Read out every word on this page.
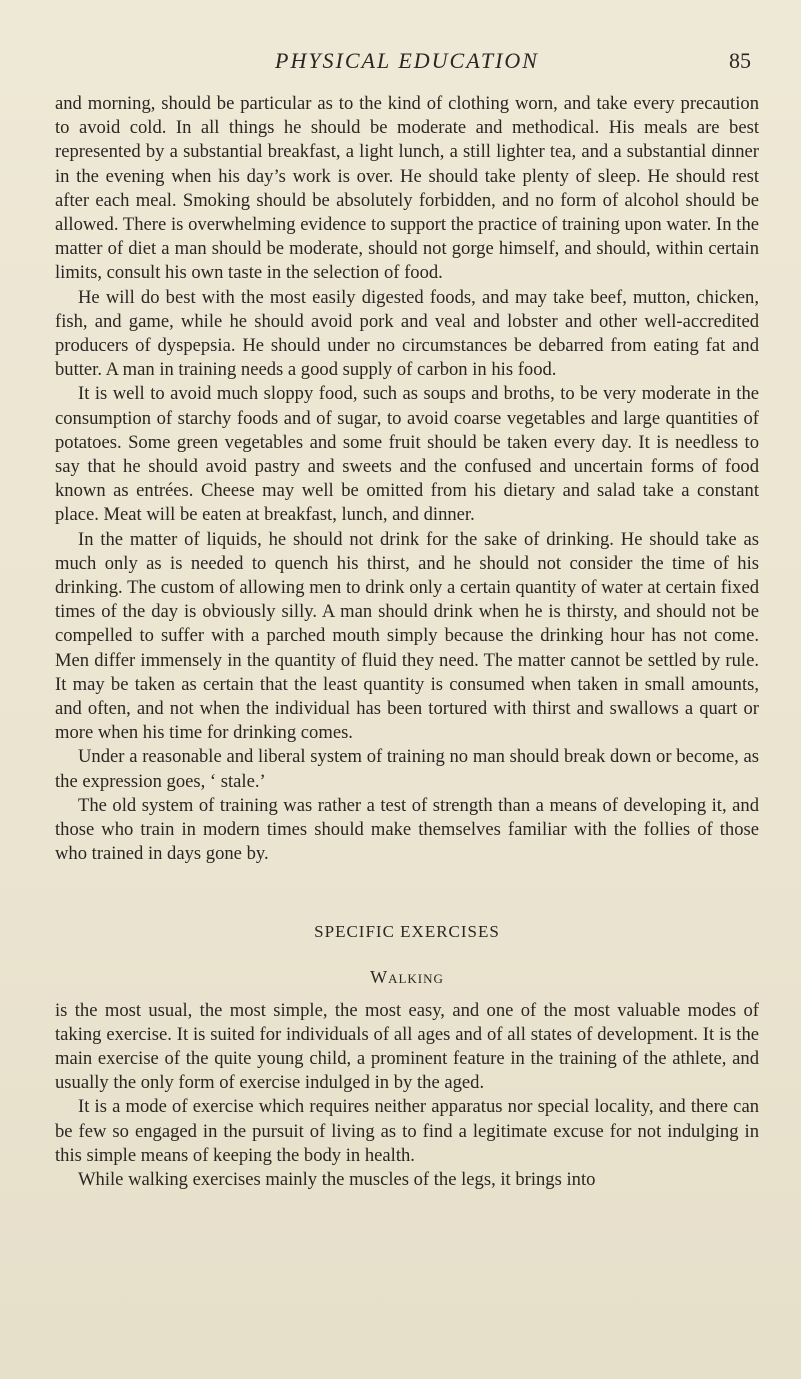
PHYSICAL EDUCATION	85

and morning, should be particular as to the kind of clothing worn, and take every precaution to avoid cold. In all things he should be moderate and methodical. His meals are best represented by a substantial breakfast, a light lunch, a still lighter tea, and a substantial dinner in the evening when his day’s work is over. He should take plenty of sleep. He should rest after each meal. Smoking should be absolutely forbidden, and no form of alcohol should be allowed. There is overwhelming evidence to support the practice of training upon water. In the matter of diet a man should be moderate, should not gorge himself, and should, within certain limits, consult his own taste in the selection of food.

He will do best with the most easily digested foods, and may take beef, mutton, chicken, fish, and game, while he should avoid pork and veal and lobster and other well-accredited producers of dyspepsia. He should under no circumstances be debarred from eating fat and butter. A man in training needs a good supply of carbon in his food.

It is well to avoid much sloppy food, such as soups and broths, to be very moderate in the consumption of starchy foods and of sugar, to avoid coarse vegetables and large quantities of potatoes. Some green vegetables and some fruit should be taken every day. It is needless to say that he should avoid pastry and sweets and the confused and uncertain forms of food known as entrées. Cheese may well be omitted from his dietary and salad take a constant place. Meat will be eaten at breakfast, lunch, and dinner.

In the matter of liquids, he should not drink for the sake of drinking. He should take as much only as is needed to quench his thirst, and he should not consider the time of his drinking. The custom of allowing men to drink only a certain quantity of water at certain fixed times of the day is obviously silly. A man should drink when he is thirsty, and should not be compelled to suffer with a parched mouth simply because the drinking hour has not come. Men differ immensely in the quantity of fluid they need. The matter cannot be settled by rule. It may be taken as certain that the least quantity is consumed when taken in small amounts, and often, and not when the individual has been tortured with thirst and swallows a quart or more when his time for drinking comes.

Under a reasonable and liberal system of training no man should break down or become, as the expression goes, ‘ stale.’

The old system of training was rather a test of strength than a means of developing it, and those who train in modern times should make themselves familiar with the follies of those who trained in days gone by.

SPECIFIC EXERCISES
Walking

is the most usual, the most simple, the most easy, and one of the most valuable modes of taking exercise. It is suited for individuals of all ages and of all states of development. It is the main exercise of the quite young child, a prominent feature in the training of the athlete, and usually the only form of exercise indulged in by the aged.

It is a mode of exercise which requires neither apparatus nor special locality, and there can be few so engaged in the pursuit of living as to find a legitimate excuse for not indulging in this simple means of keeping the body in health.

While walking exercises mainly the muscles of the legs, it brings into
